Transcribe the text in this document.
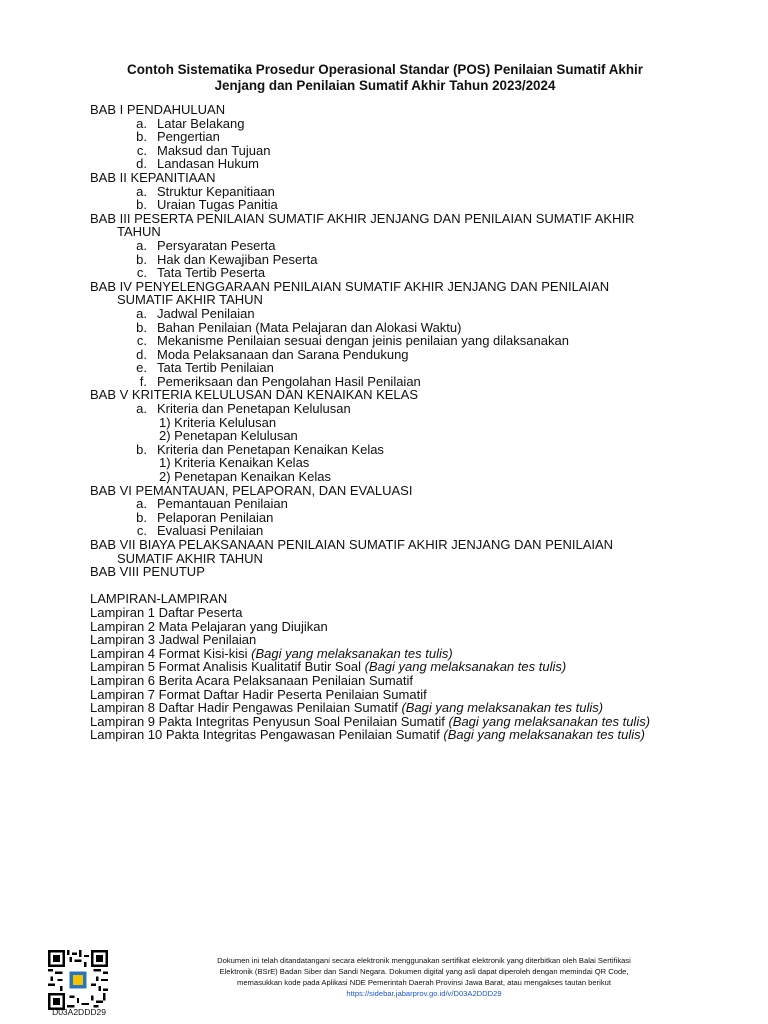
Contoh Sistematika Prosedur Operasional Standar (POS) Penilaian Sumatif Akhir
Jenjang dan Penilaian Sumatif Akhir Tahun 2023/2024
BAB I PENDAHULUAN
a. Latar Belakang
b. Pengertian
c. Maksud dan Tujuan
d. Landasan Hukum
BAB II KEPANITIAAN
a. Struktur Kepanitiaan
b. Uraian Tugas Panitia
BAB III PESERTA PENILAIAN SUMATIF AKHIR JENJANG DAN PENILAIAN SUMATIF AKHIR
TAHUN
a. Persyaratan Peserta
b. Hak dan Kewajiban Peserta
c. Tata Tertib Peserta
BAB IV PENYELENGGARAAN PENILAIAN SUMATIF AKHIR JENJANG DAN PENILAIAN
SUMATIF AKHIR TAHUN
a. Jadwal Penilaian
b. Bahan Penilaian (Mata Pelajaran dan Alokasi Waktu)
c. Mekanisme Penilaian sesuai dengan jeinis penilaian yang dilaksanakan
d. Moda Pelaksanaan dan Sarana Pendukung
e. Tata Tertib Penilaian
f. Pemeriksaan dan Pengolahan Hasil Penilaian
BAB V KRITERIA KELULUSAN DAN KENAIKAN KELAS
a. Kriteria dan Penetapan Kelulusan
1) Kriteria Kelulusan
2) Penetapan Kelulusan
b. Kriteria dan Penetapan Kenaikan Kelas
1) Kriteria Kenaikan Kelas
2) Penetapan Kenaikan Kelas
BAB VI PEMANTAUAN, PELAPORAN, DAN EVALUASI
a. Pemantauan Penilaian
b. Pelaporan Penilaian
c. Evaluasi Penilaian
BAB VII BIAYA PELAKSANAAN PENILAIAN SUMATIF AKHIR JENJANG DAN PENILAIAN
SUMATIF AKHIR TAHUN
BAB VIII PENUTUP
LAMPIRAN-LAMPIRAN
Lampiran 1 Daftar Peserta
Lampiran 2 Mata Pelajaran yang Diujikan
Lampiran 3 Jadwal Penilaian
Lampiran 4 Format Kisi-kisi (Bagi yang melaksanakan tes tulis)
Lampiran 5 Format Analisis Kualitatif Butir Soal (Bagi yang melaksanakan tes tulis)
Lampiran 6 Berita Acara Pelaksanaan Penilaian Sumatif
Lampiran 7 Format Daftar Hadir Peserta Penilaian Sumatif
Lampiran 8 Daftar Hadir Pengawas Penilaian Sumatif (Bagi yang melaksanakan tes tulis)
Lampiran 9 Pakta Integritas Penyusun Soal Penilaian Sumatif (Bagi yang melaksanakan tes tulis)
Lampiran 10 Pakta Integritas Pengawasan Penilaian Sumatif (Bagi yang melaksanakan tes tulis)
D03A2DDD29
Dokumen ini telah ditandatangani secara elektronik menggunakan sertifikat elektronik yang diterbitkan oleh Balai Sertifikasi
Elektronik (BSrE) Badan Siber dan Sandi Negara. Dokumen digital yang asli dapat diperoleh dengan memindai QR Code,
memasukkan kode pada Aplikasi NDE Pemerintah Daerah Provinsi Jawa Barat, atau mengakses tautan berikut
https://sidebar.jabarprov.go.id/v/D03A2DDD29
